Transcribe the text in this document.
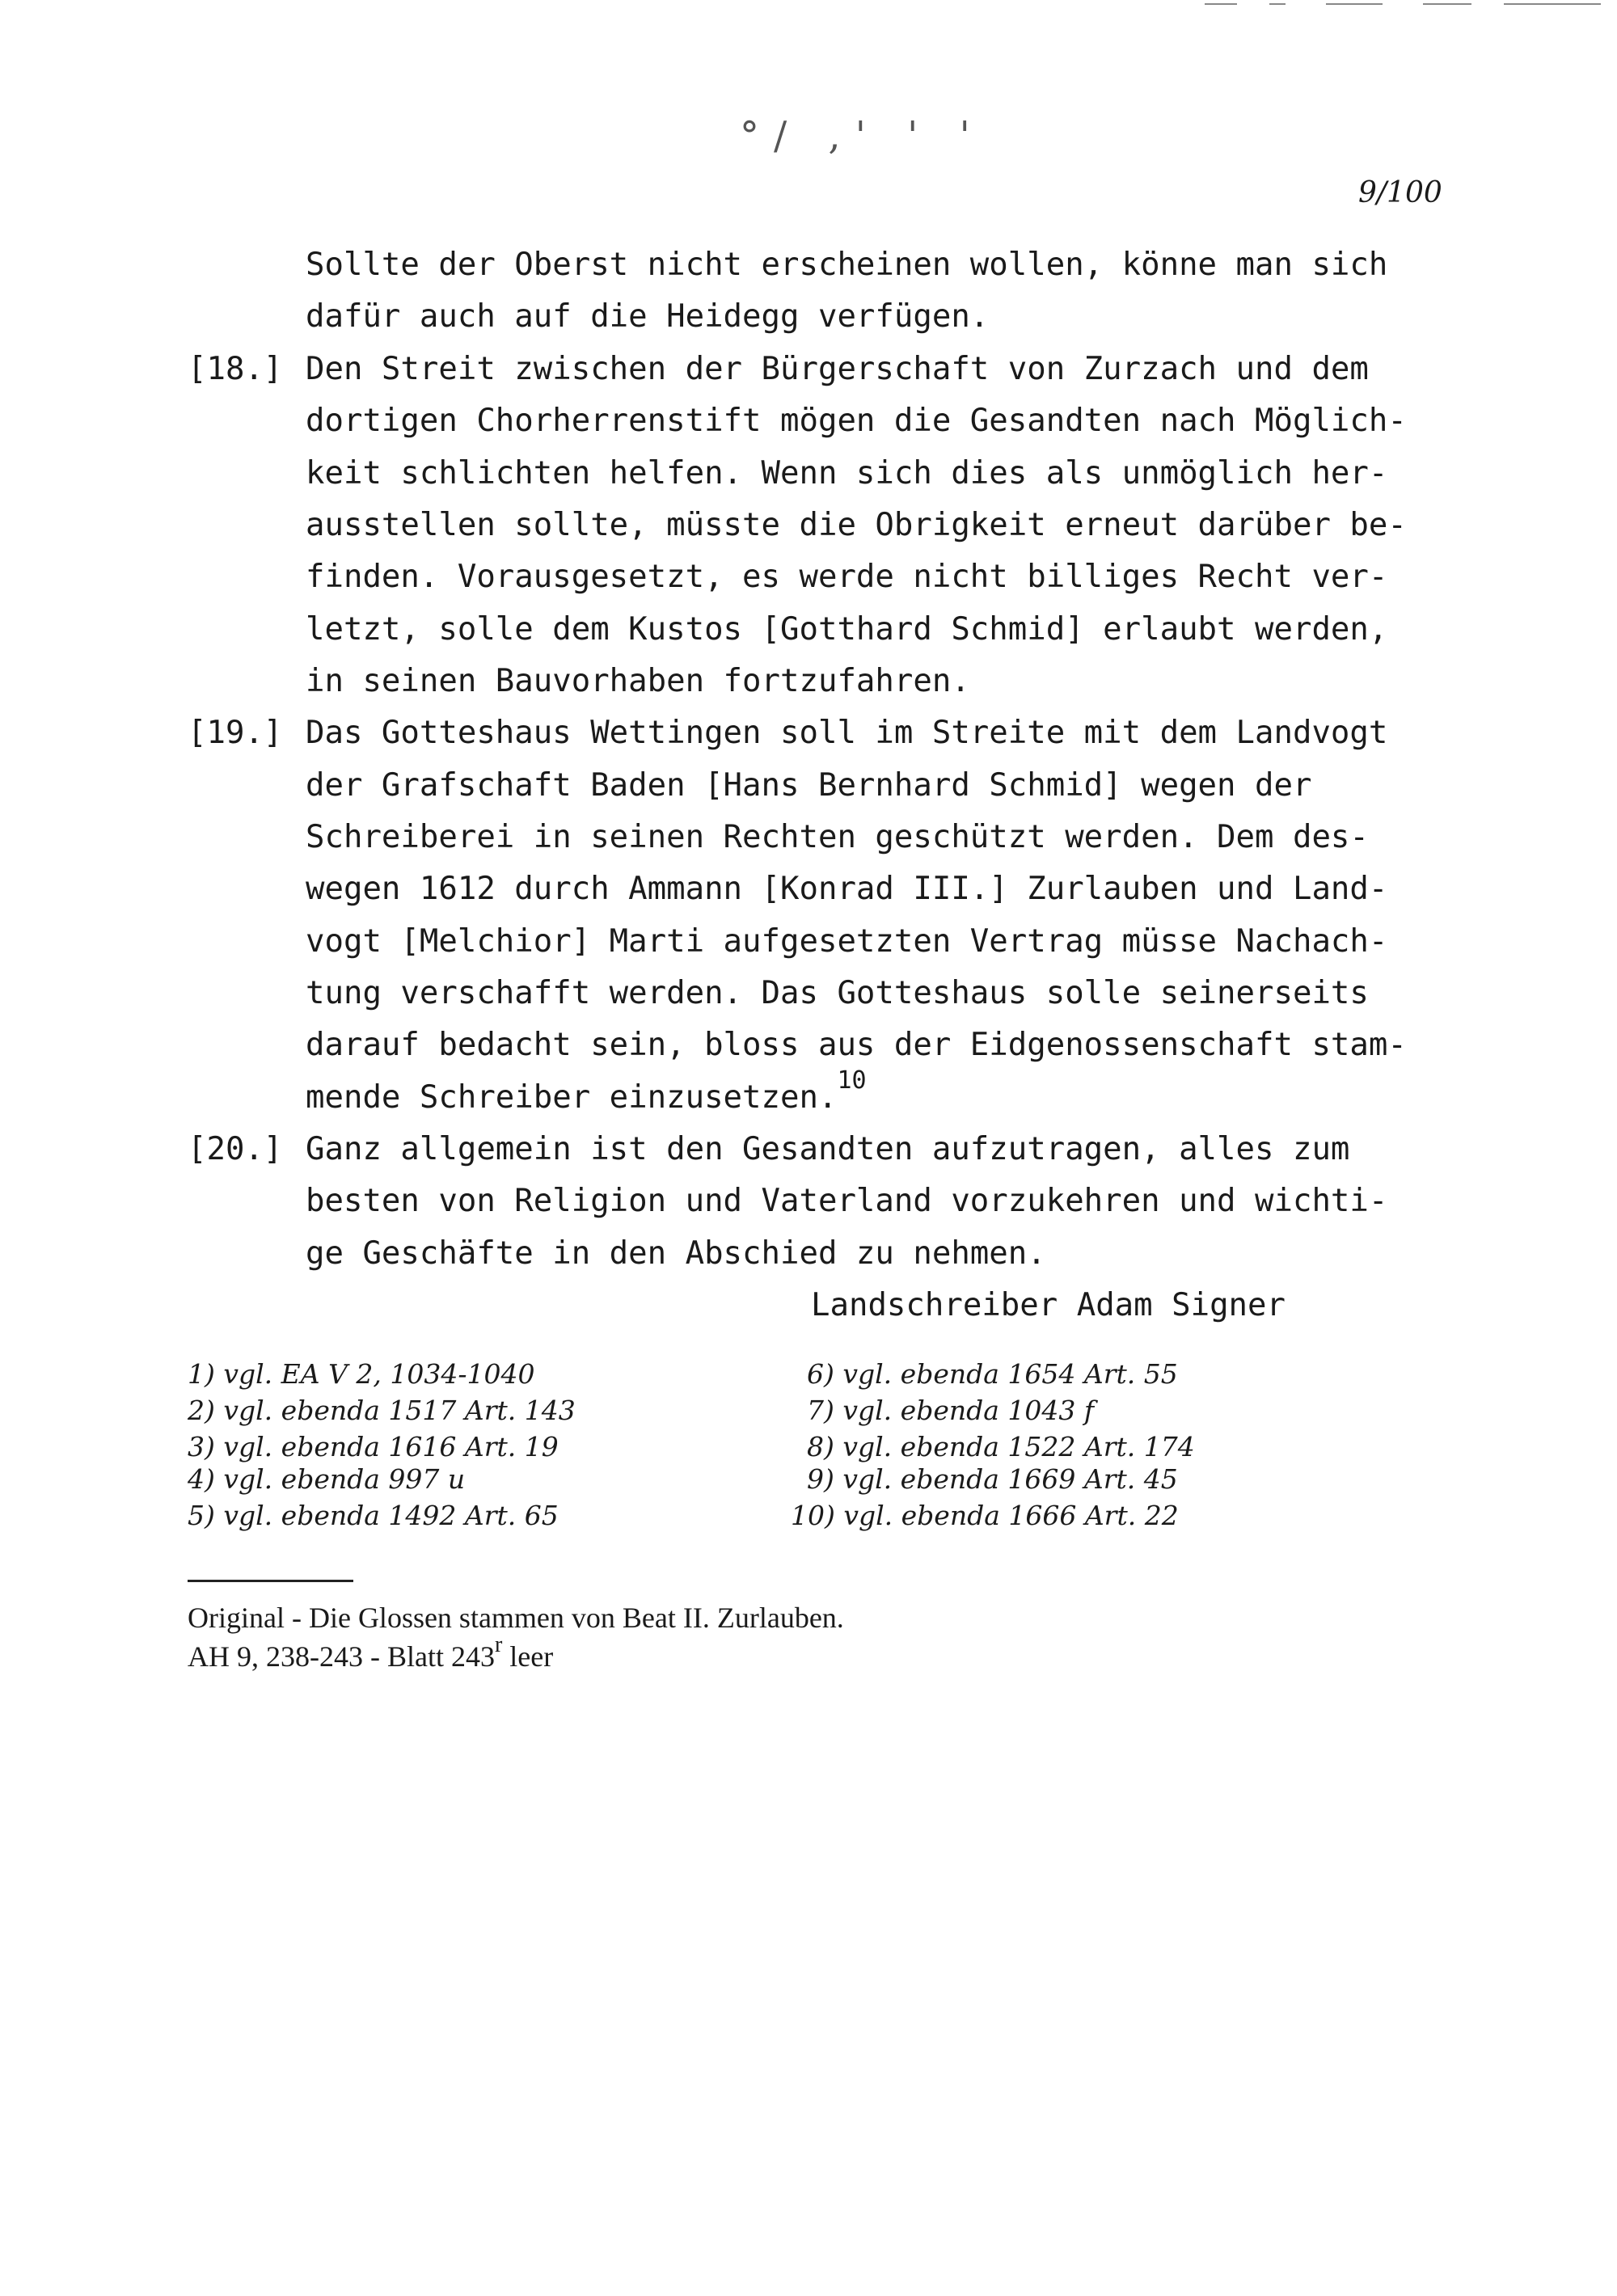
°/ ,' ' '
9/100
Sollte der Oberst nicht erscheinen wollen, könne man sich
dafür auch auf die Heidegg verfügen.
[18.] Den Streit zwischen der Bürgerschaft von Zurzach und dem
dortigen Chorherrenstift mögen die Gesandten nach Möglich-
keit schlichten helfen. Wenn sich dies als unmöglich her-
ausstellen sollte, müsste die Obrigkeit erneut darüber be-
finden. Vorausgesetzt, es werde nicht billiges Recht ver-
letzt, solle dem Kustos [Gotthard Schmid] erlaubt werden,
in seinen Bauvorhaben fortzufahren.
[19.] Das Gotteshaus Wettingen soll im Streite mit dem Landvogt
der Grafschaft Baden [Hans Bernhard Schmid] wegen der
Schreiberei in seinen Rechten geschützt werden. Dem des-
wegen 1612 durch Ammann [Konrad III.] Zurlauben und Land-
vogt [Melchior] Marti aufgesetzten Vertrag müsse Nachach-
tung verschafft werden. Das Gotteshaus solle seinerseits
darauf bedacht sein, bloss aus der Eidgenossenschaft stam-
mende Schreiber einzusetzen.$^{10}$
[20.] Ganz allgemein ist den Gesandten aufzutragen, alles zum
besten von Religion und Vaterland vorzukehren und wichti-
ge Geschäfte in den Abschied zu nehmen.
Landschreiber Adam Signer
1) vgl. EA V 2, 1034-1040
2) vgl. ebenda 1517 Art. 143
3) vgl. ebenda 1616 Art. 19
4) vgl. ebenda 997 u
5) vgl. ebenda 1492 Art. 65
6) vgl. ebenda 1654 Art. 55
7) vgl. ebenda 1043 f
8) vgl. ebenda 1522 Art. 174
9) vgl. ebenda 1669 Art. 45
10) vgl. ebenda 1666 Art. 22
Original - Die Glossen stammen von Beat II. Zurlauben.
AH 9, 238-243 - Blatt 243$^r$ leer
